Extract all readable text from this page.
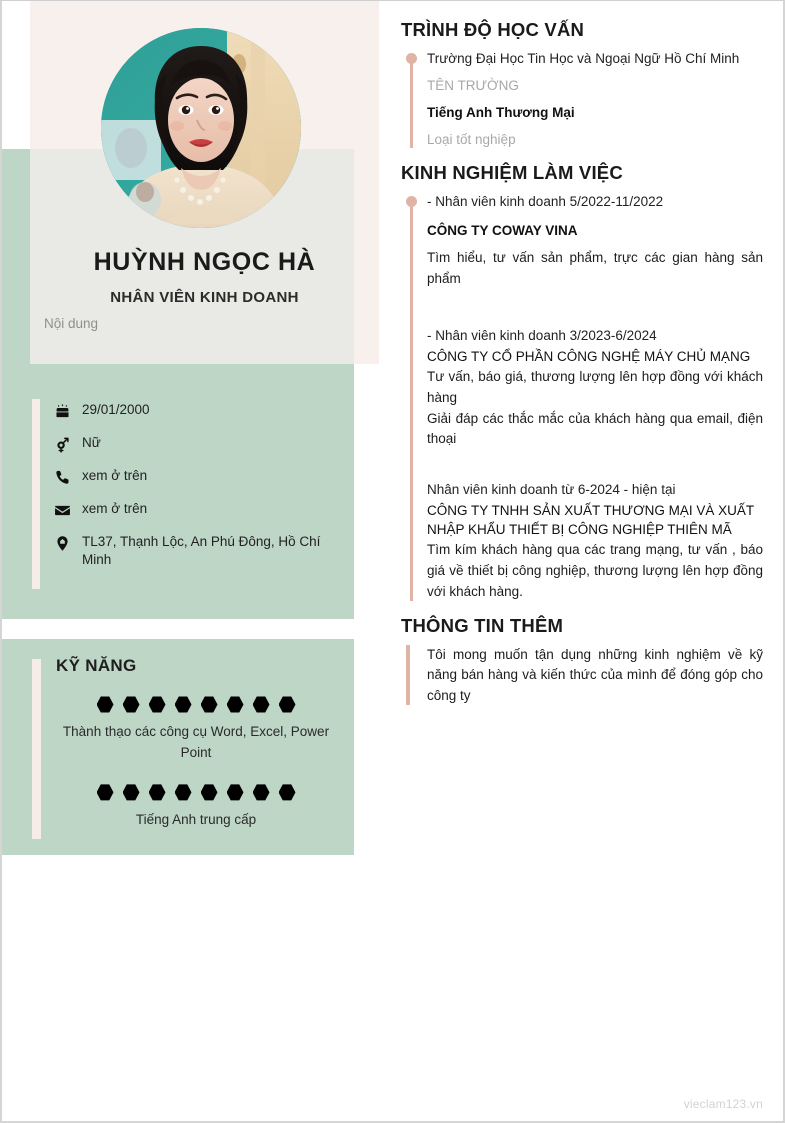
HUỲNH NGỌC HÀ
NHÂN VIÊN KINH DOANH
Nội dung
29/01/2000
Nữ
xem ở trên
xem ở trên
TL37, Thạnh Lộc, An Phú Đông, Hồ Chí Minh
KỸ NĂNG
Thành thạo các công cụ Word, Excel, Power Point
Tiếng Anh trung cấp
TRÌNH ĐỘ HỌC VẤN
Trường Đại Học Tin Học và Ngoại Ngữ Hồ Chí Minh
TÊN TRƯỜNG
Tiếng Anh Thương Mại
Loại tốt nghiệp
KINH NGHIỆM LÀM VIỆC
- Nhân viên kinh doanh 5/2022-11/2022
CÔNG TY COWAY VINA
Tìm hiểu, tư vấn sản phẩm, trực các gian hàng sản phẩm
- Nhân viên kinh doanh 3/2023-6/2024
CÔNG TY CỔ PHẦN CÔNG NGHỆ MÁY CHỦ MẠNG
Tư vấn, báo giá, thương lượng lên hợp đồng với khách hàng
Giải đáp các thắc mắc của khách hàng qua email, điện thoại
Nhân viên kinh doanh từ 6-2024 - hiện tại
CÔNG TY TNHH SẢN XUẤT THƯƠNG MẠI VÀ XUẤT NHẬP KHẨU THIẾT BỊ CÔNG NGHIỆP THIÊN MÃ
Tìm kím khách hàng qua các trang mạng, tư vấn , báo giá về thiết bị công nghiệp, thương lượng lên hợp đồng với khách hàng.
THÔNG TIN THÊM
Tôi mong muốn tận dụng những kinh nghiệm về kỹ năng bán hàng và kiến thức của mình để đóng góp cho công ty
vieclam123.vn
